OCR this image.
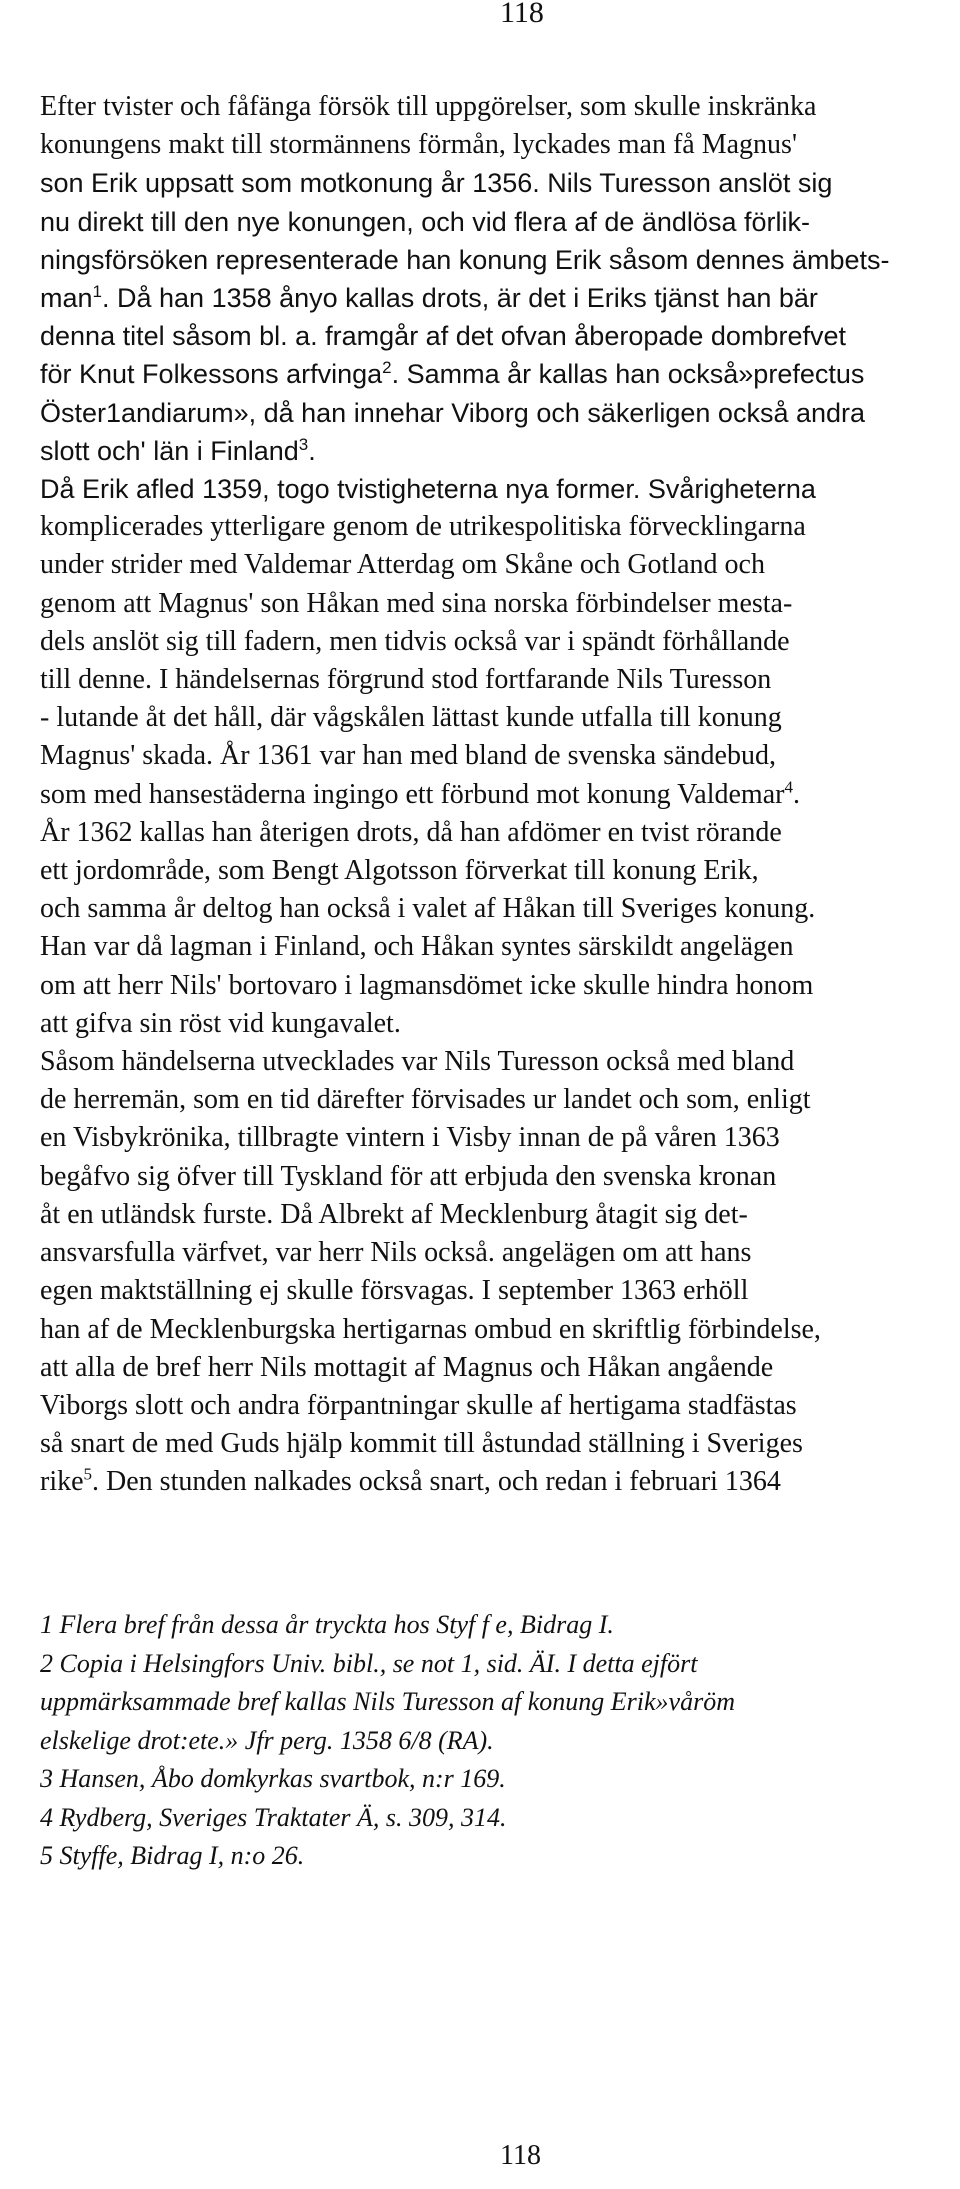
118
Efter tvister och fåfänga försök till uppgörelser, som skulle inskränka
konungens makt till stormännens förmån, lyckades man få Magnus'
son Erik uppsatt som motkonung år 1356. Nils Turesson anslöt sig
nu direkt till den nye konungen, och vid flera af de ändlösa förlik-
ningsförsöken representerade han konung Erik såsom dennes ämbets-
man$^1$. Då han 1358 ånyo kallas drots, är det i Eriks tjänst han bär
denna titel såsom bl. a. framgår af det ofvan åberopade dombrefvet
för Knut Folkessons arfvinga$^2$. Samma år kallas han också»prefectus
Öster1andiarum», då han innehar Viborg och säkerligen också andra
slott och' län i Finland$^3$.
Då Erik afled 1359, togo tvistigheterna nya former. Svårigheterna
komplicerades ytterligare genom de utrikespolitiska förvecklingarna
under strider med Valdemar Atterdag om Skåne och Gotland och
genom att Magnus' son Håkan med sina norska förbindelser mesta-
dels anslöt sig till fadern, men tidvis också var i spändt förhållande
till denne. I händelsernas förgrund stod fortfarande Nils Turesson
- lutande åt det håll, där vågskålen lättast kunde utfalla till konung
Magnus' skada. År 1361 var han med bland de svenska sändebud,
som med hansestäderna ingingo ett förbund mot konung Valdemar$^4$.
År 1362 kallas han återigen drots, då han afdömer en tvist rörande
ett jordområde, som Bengt Algotsson förverkat till konung Erik,
och samma år deltog han också i valet af Håkan till Sveriges konung.
Han var då lagman i Finland, och Håkan syntes särskildt angelägen
om att herr Nils' bortovaro i lagmansdömet icke skulle hindra honom
att gifva sin röst vid kungavalet.
Såsom händelserna utvecklades var Nils Turesson också med bland
de herremän, som en tid därefter förvisades ur landet och som, enligt
en Visbykrönika, tillbragte vintern i Visby innan de på våren 1363
begåfvo sig öfver till Tyskland för att erbjuda den svenska kronan
åt en utländsk furste. Då Albrekt af Mecklenburg åtagit sig det-
ansvarsfulla värfvet, var herr Nils också. angelägen om att hans
egen maktställning ej skulle försvagas. I september 1363 erhöll
han af de Mecklenburgska hertigarnas ombud en skriftlig förbindelse,
att alla de bref herr Nils mottagit af Magnus och Håkan angående
Viborgs slott och andra förpantningar skulle af hertigama stadfästas
så snart de med Guds hjälp kommit till åstundad ställning i Sveriges
rike$^5$. Den stunden nalkades också snart, och redan i februari 1364
1 Flera bref från dessa år tryckta hos Styf f e, Bidrag I.
2 Copia i Helsingfors Univ. bibl., se not 1, sid. ÄI. I detta ejfört
uppmärksammade bref kallas Nils Turesson af konung Erik»våröm
elskelige drot:ete.» Jfr perg. 1358 6/8 (RA).
3 Hansen, Åbo domkyrkas svartbok, n:r 169.
4 Rydberg, Sveriges Traktater Ä, s. 309, 314.
5 Styffe, Bidrag I, n:o 26.
118
